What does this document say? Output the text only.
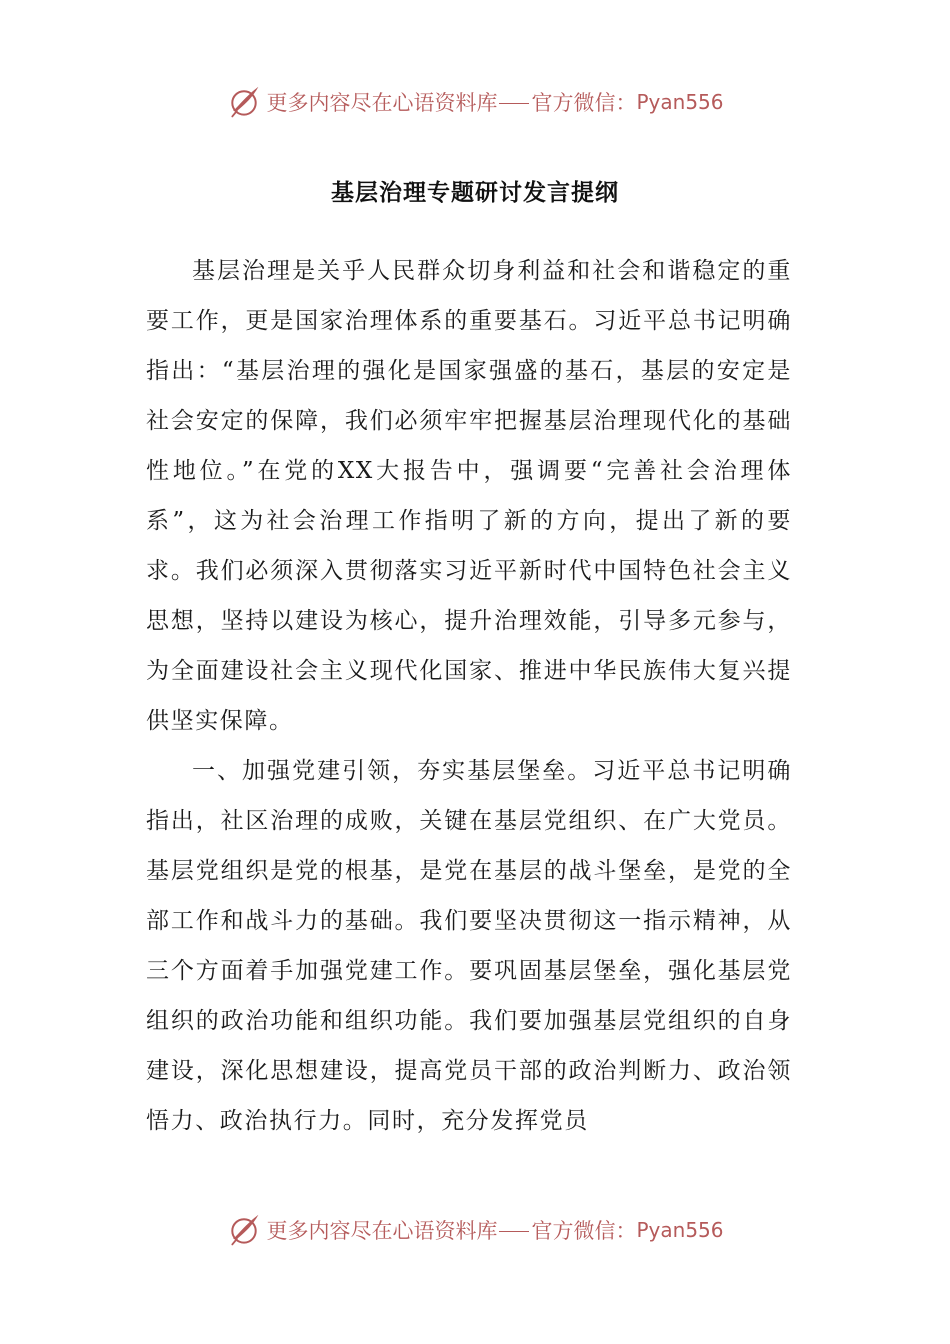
更多内容尽在心语资料库 官方微信： Pyan556
基层治理专题研讨发言提纲

基层治理是关乎人民群众切身利益和社会和谐稳定的重要工作，更是国家治理体系的重要基石。习近平总书记明确指出：“基层治理的强化是国家强盛的基石，基层的安定是社会安定的保障，我们必须牢牢把握基层治理现代化的基础性地位。”在党的XX大报告中，强调要“完善社会治理体系”，这为社会治理工作指明了新的方向，提出了新的要求。我们必须深入贯彻落实习近平新时代中国特色社会主义思想，坚持以建设为核心，提升治理效能，引导多元参与，为全面建设社会主义现代化国家、推进中华民族伟大复兴提供坚实保障。

一、加强党建引领，夯实基层堡垒。习近平总书记明确指出，社区治理的成败，关键在基层党组织、在广大党员。基层党组织是党的根基，是党在基层的战斗堡垒，是党的全部工作和战斗力的基础。我们要坚决贯彻这一指示精神，从三个方面着手加强党建工作。要巩固基层堡垒，强化基层党组织的政治功能和组织功能。我们要加强基层党组织的自身建设，深化思想建设，提高党员干部的政治判断力、政治领悟力、政治执行力。同时，充分发挥党员

更多内容尽在心语资料库 官方微信： Pyan556
